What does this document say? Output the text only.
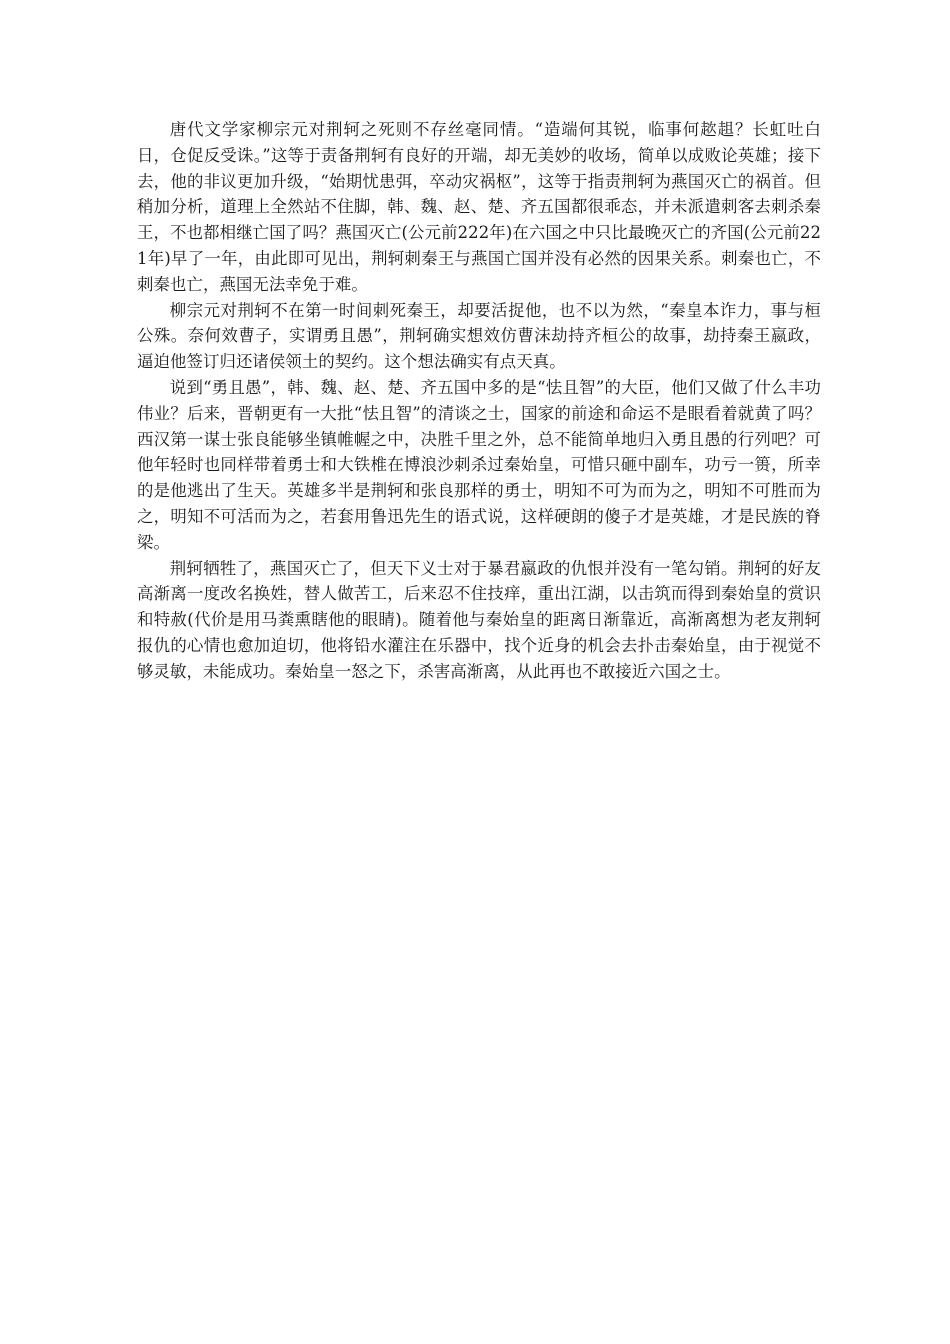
唐代文学家柳宗元对荆轲之死则不存丝毫同情。“造端何其锐，临事何趑趄？长虹吐白日，仓促反受诛。”这等于责备荆轲有良好的开端，却无美妙的收场，简单以成败论英雄；接下去，他的非议更加升级，“始期忧患弭，卒动灾祸枢”，这等于指责荆轲为燕国灭亡的祸首。但稍加分析，道理上全然站不住脚，韩、魏、赵、楚、齐五国都很乖态，并未派遣刺客去刺杀秦王，不也都相继亡国了吗？燕国灭亡(公元前222年)在六国之中只比最晚灭亡的齐国(公元前221年)早了一年，由此即可见出，荆轲刺秦王与燕国亡国并没有必然的因果关系。刺秦也亡，不刺秦也亡，燕国无法幸免于难。

柳宗元对荆轲不在第一时间刺死秦王，却要活捉他，也不以为然，“秦皇本诈力，事与桓公殊。奈何效曹子，实谓勇且愚”，荆轲确实想效仿曹沫劫持齐桓公的故事，劫持秦王嬴政，逼迫他签订归还诸侯领土的契约。这个想法确实有点天真。

说到“勇且愚”，韩、魏、赵、楚、齐五国中多的是“怯且智”的大臣，他们又做了什么丰功伟业？后来，晋朝更有一大批“怯且智”的清谈之士，国家的前途和命运不是眼看着就黄了吗？西汉第一谋士张良能够坐镇帷幄之中，决胜千里之外，总不能简单地归入勇且愚的行列吧？可他年轻时也同样带着勇士和大铁椎在博浪沙刺杀过秦始皇，可惜只砸中副车，功亏一篑，所幸的是他逃出了生天。英雄多半是荆轲和张良那样的勇士，明知不可为而为之，明知不可胜而为之，明知不可活而为之，若套用鲁迅先生的语式说，这样硬朗的傻子才是英雄，才是民族的脊梁。

荆轲牺牲了，燕国灭亡了，但天下义士对于暴君嬴政的仇恨并没有一笔勾销。荆轲的好友高渐离一度改名换姓，替人做苦工，后来忍不住技痒，重出江湖，以击筑而得到秦始皇的赏识和特赦(代价是用马粪熏瞎他的眼睛)。随着他与秦始皇的距离日渐靠近，高渐离想为老友荆轲报仇的心情也愈加迫切，他将铅水灌注在乐器中，找个近身的机会去扑击秦始皇，由于视觉不够灵敏，未能成功。秦始皇一怒之下，杀害高渐离，从此再也不敢接近六国之士。
